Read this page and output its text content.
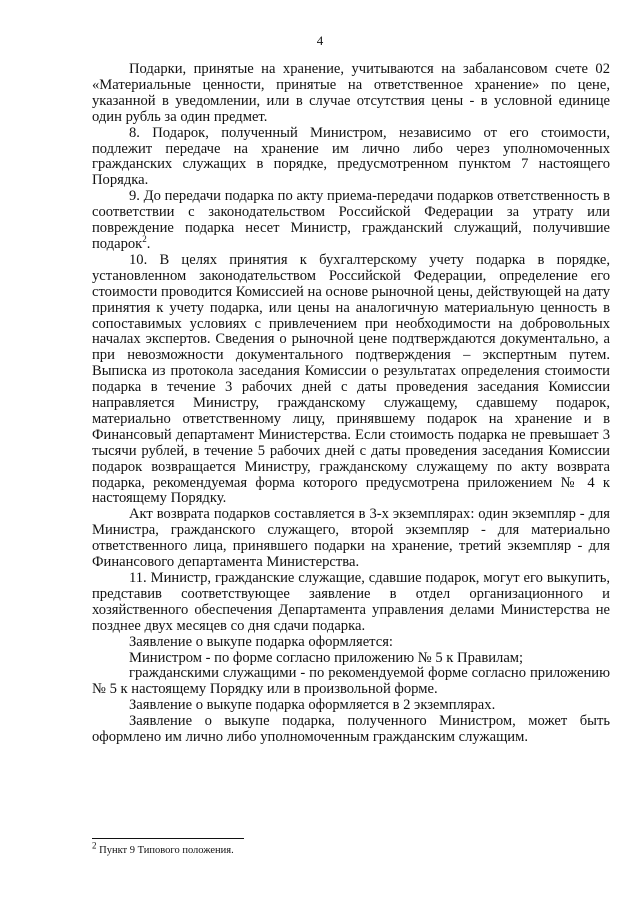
4

Подарки, принятые на хранение, учитываются на забалансовом счете 02 «Материальные ценности, принятые на ответственное хранение» по цене, указанной в уведомлении, или в случае отсутствия цены - в условной единице один рубль за один предмет.

8. Подарок, полученный Министром, независимо от его стоимости, подлежит передаче на хранение им лично либо через уполномоченных гражданских служащих в порядке, предусмотренном пунктом 7 настоящего Порядка.

9. До передачи подарка по акту приема-передачи подарков ответственность в соответствии с законодательством Российской Федерации за утрату или повреждение подарка несет Министр, гражданский служащий, получившие подарок$^2$.

10. В целях принятия к бухгалтерскому учету подарка в порядке, установленном законодательством Российской Федерации, определение его стоимости проводится Комиссией на основе рыночной цены, действующей на дату принятия к учету подарка, или цены на аналогичную материальную ценность в сопоставимых условиях с привлечением при необходимости на добровольных началах экспертов. Сведения о рыночной цене подтверждаются документально, а при невозможности документального подтверждения – экспертным путем. Выписка из протокола заседания Комиссии о результатах определения стоимости подарка в течение 3 рабочих дней с даты проведения заседания Комиссии направляется Министру, гражданскому служащему, сдавшему подарок, материально ответственному лицу, принявшему подарок на хранение и в Финансовый департамент Министерства. Если стоимость подарка не превышает 3 тысячи рублей, в течение 5 рабочих дней с даты проведения заседания Комиссии подарок возвращается Министру, гражданскому служащему по акту возврата подарка, рекомендуемая форма которого предусмотрена приложением № 4 к настоящему Порядку.

Акт возврата подарков составляется в 3-х экземплярах: один экземпляр - для Министра, гражданского служащего, второй экземпляр - для материально ответственного лица, принявшего подарки на хранение, третий экземпляр - для Финансового департамента Министерства.

11. Министр, гражданские служащие, сдавшие подарок, могут его выкупить, представив соответствующее заявление в отдел организационного и хозяйственного обеспечения Департамента управления делами Министерства не позднее двух месяцев со дня сдачи подарка.

Заявление о выкупе подарка оформляется:

Министром - по форме согласно приложению № 5 к Правилам;

гражданскими служащими - по рекомендуемой форме согласно приложению № 5 к настоящему Порядку или в произвольной форме.

Заявление о выкупе подарка оформляется в 2 экземплярах.

Заявление о выкупе подарка, полученного Министром, может быть оформлено им лично либо уполномоченным гражданским служащим.

$^2$ Пункт 9 Типового положения.
